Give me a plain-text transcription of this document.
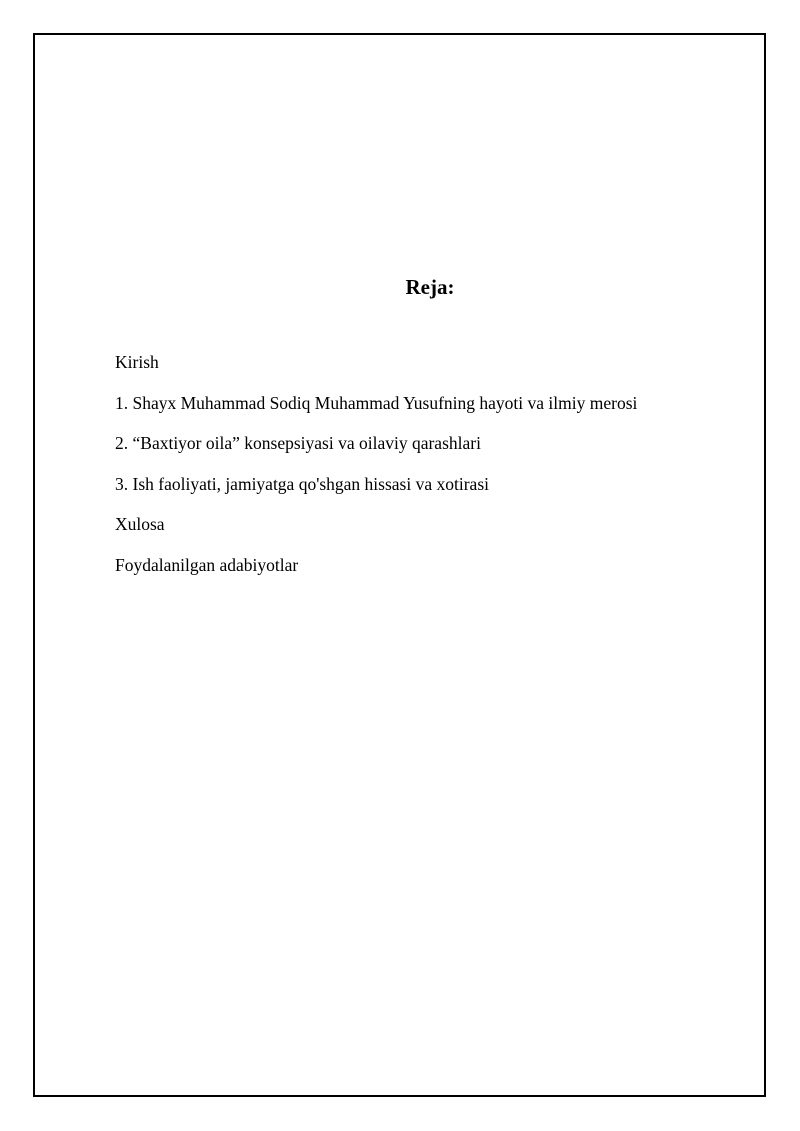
Reja:
Kirish
1. Shayx Muhammad Sodiq Muhammad Yusufning hayoti va ilmiy merosi
2. “Baxtiyor oila” konsepsiyasi va oilaviy qarashlari
3. Ish faoliyati, jamiyatga qo'shgan hissasi va xotirasi
Xulosa
Foydalanilgan adabiyotlar
